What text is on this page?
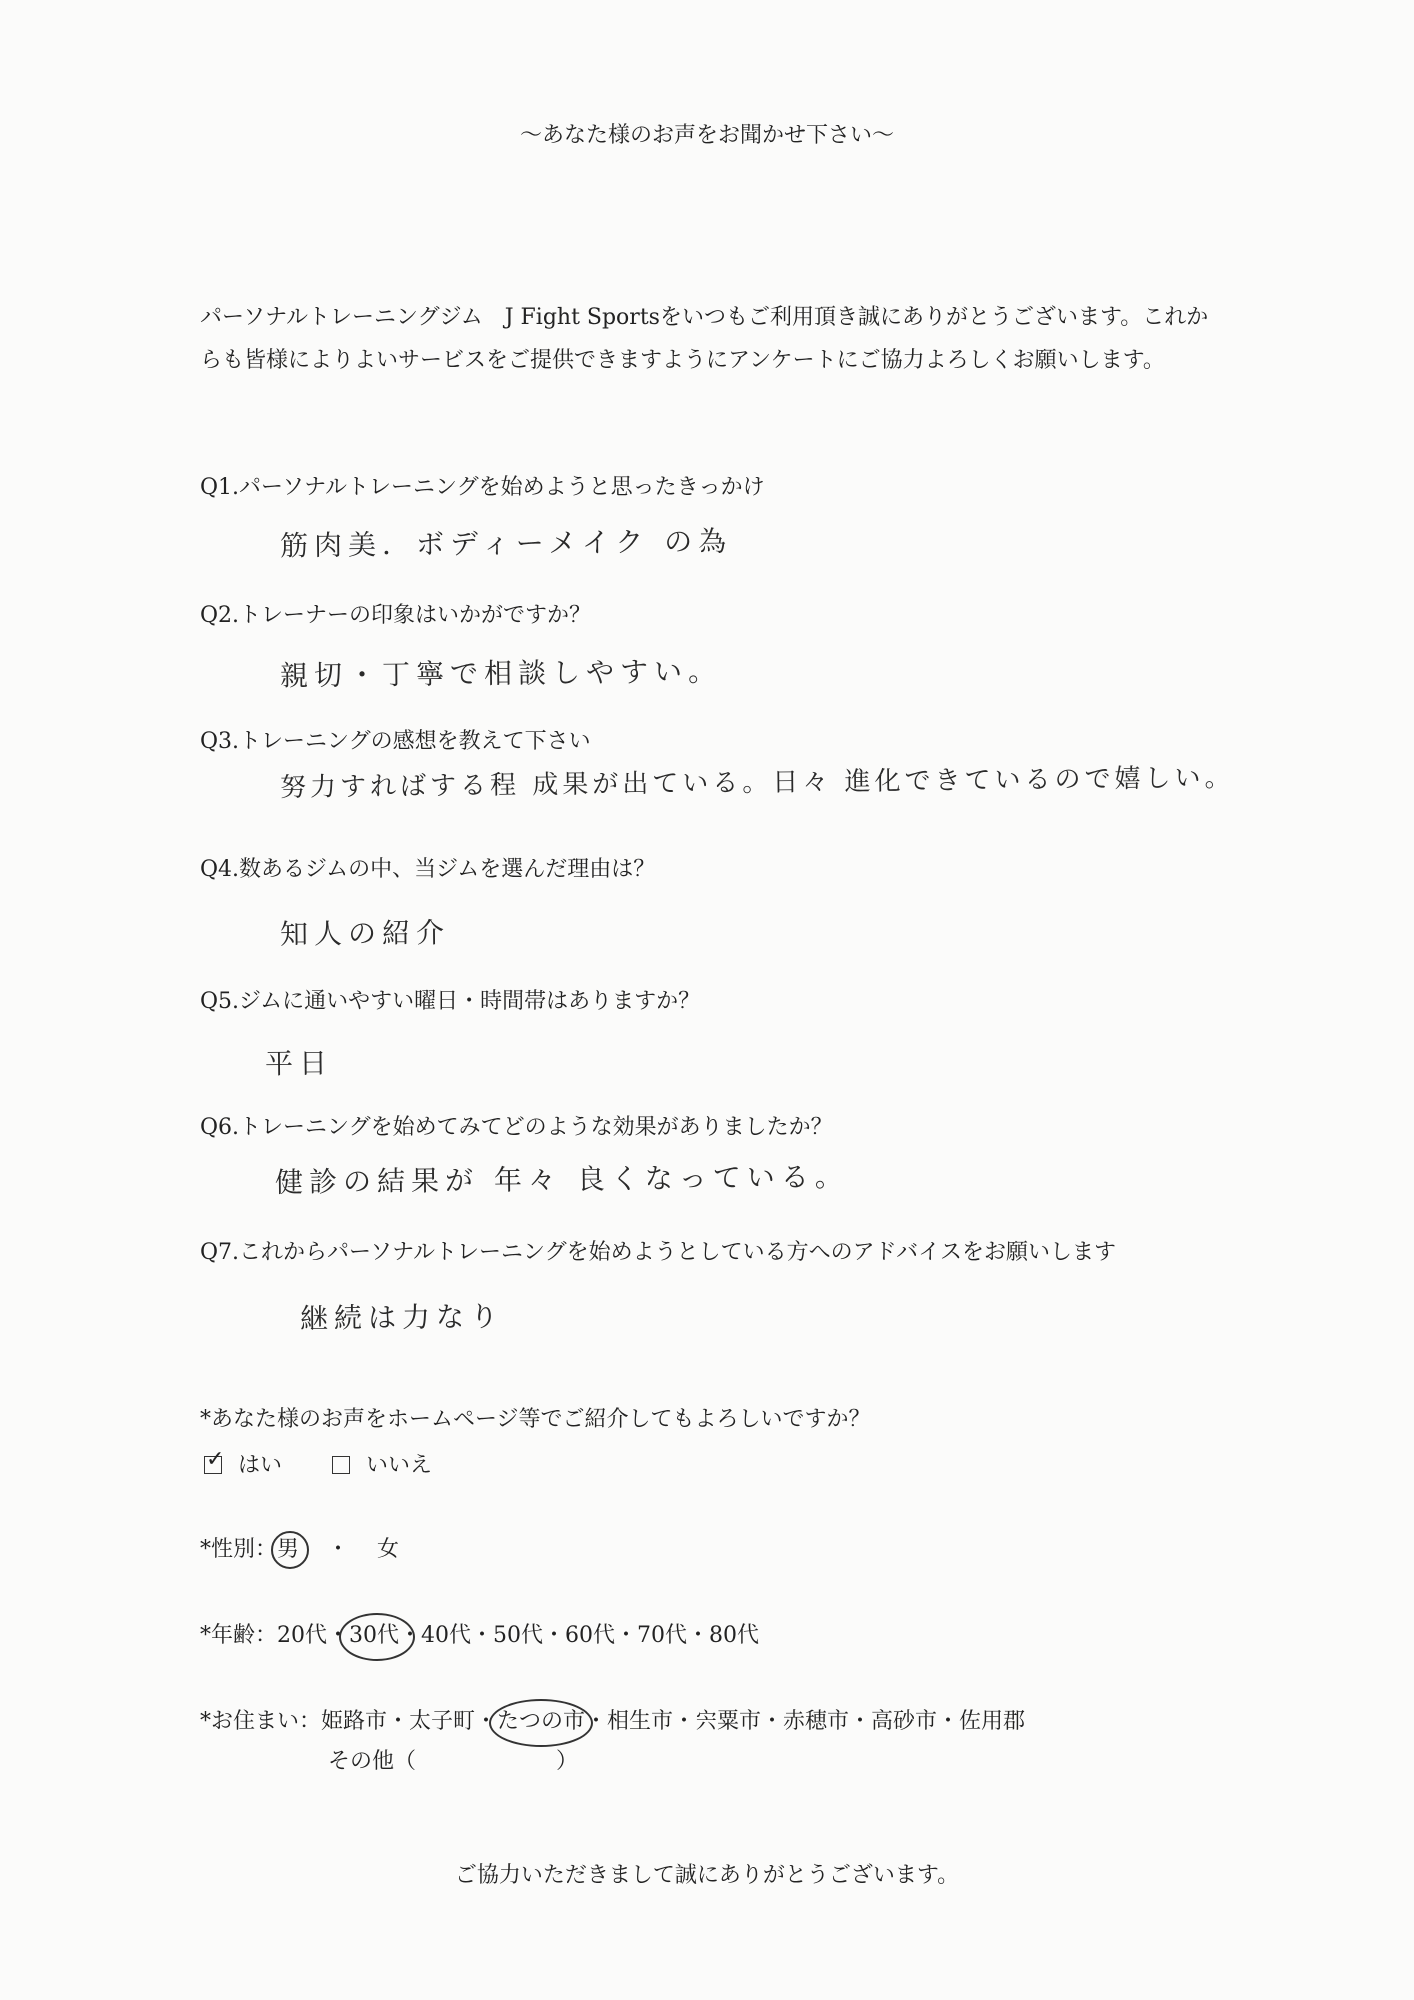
〜あなた様のお声をお聞かせ下さい〜
パーソナルトレーニングジム　J Fight Sportsをいつもご利用頂き誠にありがとうございます。これからも皆様によりよいサービスをご提供できますようにアンケートにご協力よろしくお願いします。
Q1.パーソナルトレーニングを始めようと思ったきっかけ
筋肉美．ボディーメイク の為
Q2.トレーナーの印象はいかがですか？
親切・丁寧で相談しやすい。
Q3.トレーニングの感想を教えて下さい
努力すればする程 成果が出ている。日々 進化できているので嬉しい。
Q4.数あるジムの中、当ジムを選んだ理由は？
知人の紹介
Q5.ジムに通いやすい曜日・時間帯はありますか？
平日
Q6.トレーニングを始めてみてどのような効果がありましたか？
健診の結果が 年々 良くなっている。
Q7.これからパーソナルトレーニングを始めようとしている方へのアドバイスをお願いします
継続は力なり
*あなた様のお声をホームページ等でご紹介してもよろしいですか？
✓ はい	いいえ
*性別：男 ・ 女
*年齢：20代・30代
・40代・50代・60代・70代・80代
*お住まい：姫路市・太子町・たつの市
・相生市・宍粟市・赤穂市・高砂市・佐用郡
その他（	）
ご協力いただきまして誠にありがとうございます。
